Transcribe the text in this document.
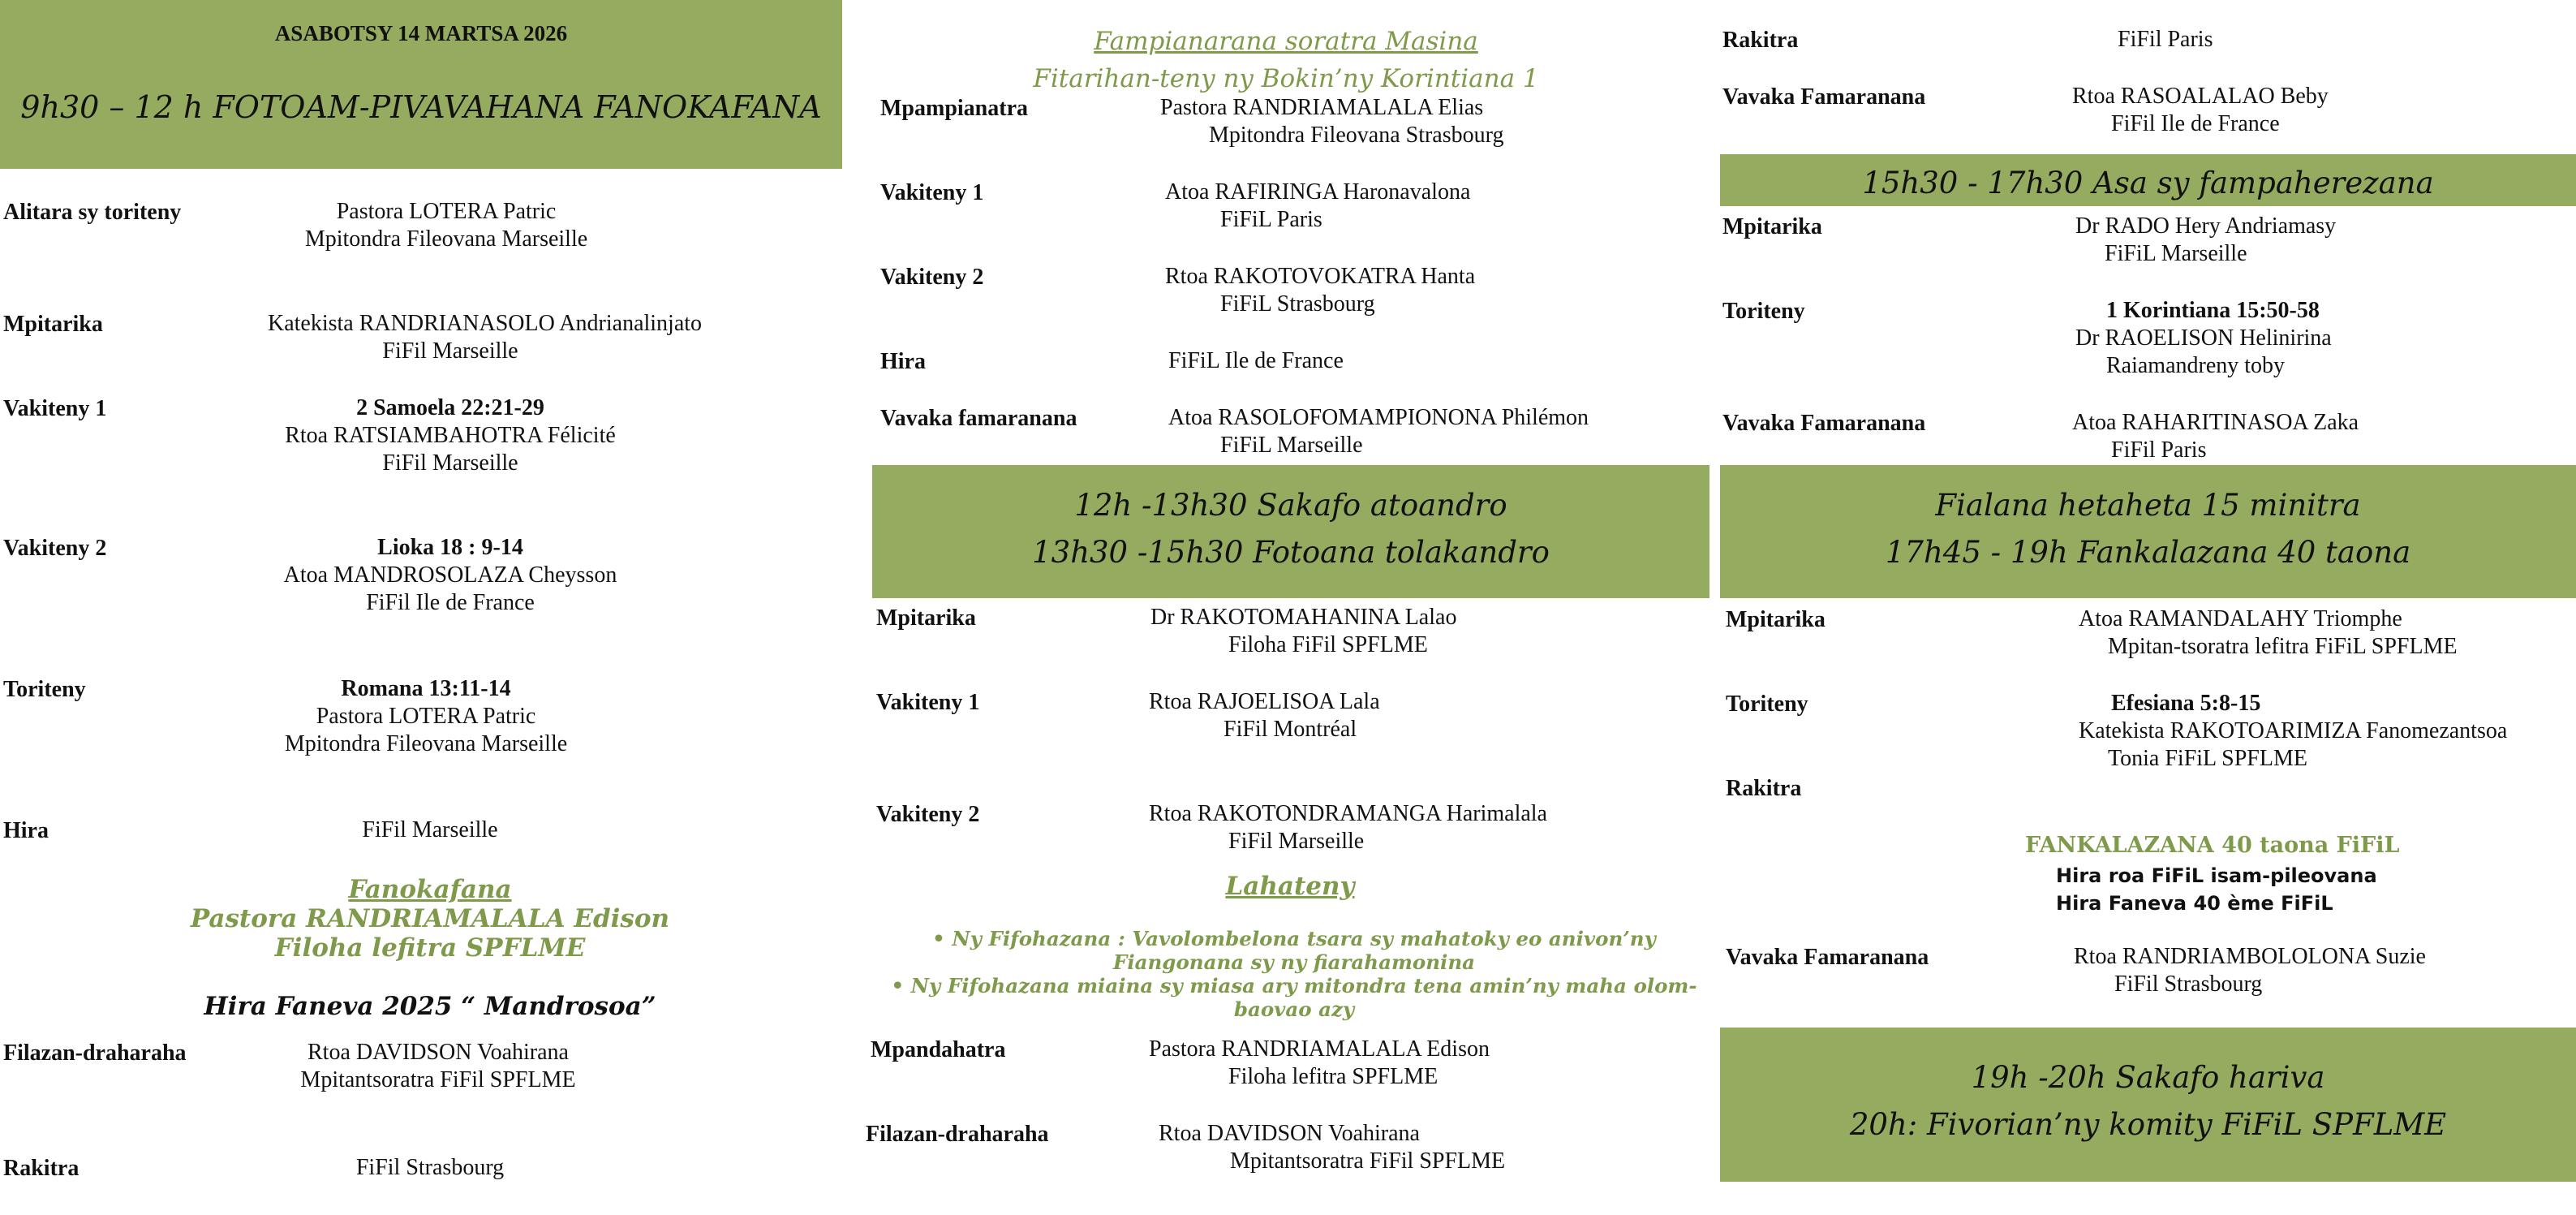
ASABOTSY 14 MARTSA 2026
9h30 – 12 h FOTOAM-PIVAVAHANA FANOKAFANA
Alitara sy toriteny	Pastora LOTERA Patric
Mpitondra Fileovana Marseille
Mpitarika	Katekista RANDRIANASOLO Andrianalinjato
FiFil Marseille
Vakiteny 1	2 Samoela 22:21-29
Rtoa RATSIAMBAHOTRA Félicité
FiFil Marseille
Vakiteny 2	Lioka 18 : 9-14
Atoa MANDROSOLAZA Cheysson
FiFil Ile de France
Toriteny	Romana 13:11-14
Pastora LOTERA Patric
Mpitondra Fileovana Marseille
Hira	FiFil Marseille
Fanokafana
Pastora RANDRIAMALALA Edison
Filoha lefitra SPFLME
Hira Faneva 2025 “ Mandrosoa”
Filazan-draharaha	Rtoa DAVIDSON Voahirana
Mpitantsoratra FiFil SPFLME
Rakitra	FiFil Strasbourg
Fampianarana soratra Masina
Fitarihan-teny ny Bokin’ny Korintiana 1
Mpampianatra	Pastora RANDRIAMALALA Elias
Mpitondra Fileovana Strasbourg
Vakiteny 1	Atoa RAFIRINGA Haronavalona
FiFiL Paris
Vakiteny 2	Rtoa RAKOTOVOKATRA Hanta
FiFiL Strasbourg
Hira	FiFiL Ile de France
Vavaka famaranana	Atoa RASOLOFOMAMPIONONA Philémon
FiFiL Marseille
12h -13h30 Sakafo atoandro
13h30 -15h30 Fotoana tolakandro
Mpitarika	Dr RAKOTOMAHANINA Lalao
Filoha FiFil SPFLME
Vakiteny 1	Rtoa RAJOELISOA Lala
FiFil Montréal
Vakiteny 2	Rtoa RAKOTONDRAMANGA Harimalala
FiFil Marseille
Lahateny
• Ny Fifohazana : Vavolombelona tsara sy mahatoky eo anivon’ny
Fiangonana sy ny fiarahamonina
• Ny Fifohazana miaina sy miasa ary mitondra tena amin’ny maha olom-
baovao azy
Mpandahatra	Pastora RANDRIAMALALA Edison
Filoha lefitra SPFLME
Filazan-draharaha	Rtoa DAVIDSON Voahirana
Mpitantsoratra FiFil SPFLME
Rakitra	FiFil Paris
Vavaka Famaranana	Rtoa RASOALALAO Beby
FiFil Ile de France
15h30 - 17h30 Asa sy fampaherezana
Mpitarika	Dr RADO Hery Andriamasy
FiFiL Marseille
Toriteny	1 Korintiana 15:50-58
Dr RAOELISON Helinirina
Raiamandreny toby
Vavaka Famaranana	Atoa RAHARITINASOA Zaka
FiFil Paris
Fialana hetaheta 15 minitra
17h45 - 19h Fankalazana 40 taona
Mpitarika	Atoa RAMANDALAHY Triomphe
Mpitan-tsoratra lefitra FiFiL SPFLME
Toriteny	Efesiana 5:8-15
Katekista RAKOTOARIMIZA Fanomezantsoa
Tonia FiFiL SPFLME
Rakitra
FANKALAZANA 40 taona FiFiL
Hira roa FiFiL isam-pileovana
Hira Faneva 40 ème FiFiL
Vavaka Famaranana	Rtoa RANDRIAMBOLOLONA Suzie
FiFil Strasbourg
19h -20h Sakafo hariva
20h: Fivorian’ny komity FiFiL SPFLME
